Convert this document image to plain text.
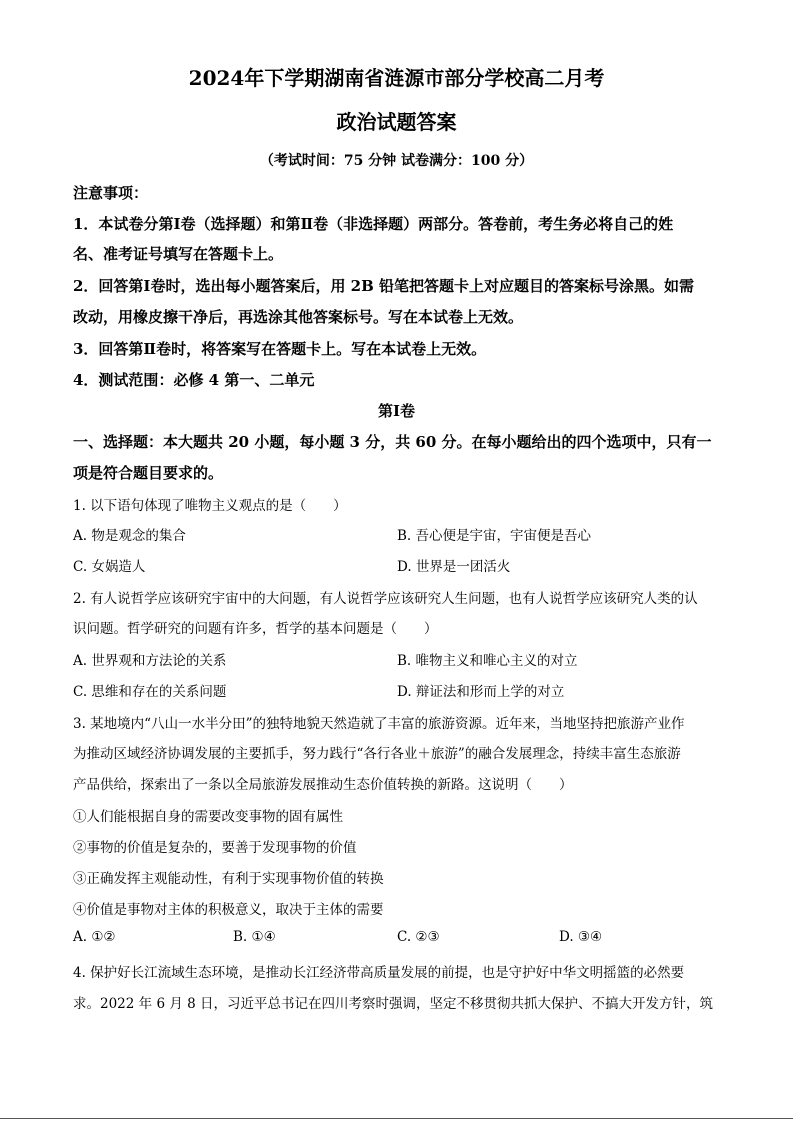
2024年下学期湖南省涟源市部分学校高二月考
政治试题答案
（考试时间：75 分钟 试卷满分：100 分）
注意事项：
1．本试卷分第Ⅰ卷（选择题）和第Ⅱ卷（非选择题）两部分。答卷前，考生务必将自己的姓
名、准考证号填写在答题卡上。
2．回答第Ⅰ卷时，选出每小题答案后，用 2B 铅笔把答题卡上对应题目的答案标号涂黑。如需
改动，用橡皮擦干净后，再选涂其他答案标号。写在本试卷上无效。
3．回答第Ⅱ卷时，将答案写在答题卡上。写在本试卷上无效。
4．测试范围：必修 4 第一、二单元
第Ⅰ卷
一、选择题：本大题共 20 小题，每小题 3 分，共 60 分。在每小题给出的四个选项中，只有一
项是符合题目要求的。
1. 以下语句体现了唯物主义观点的是（　　）
A. 物是观念的集合	B. 吾心便是宇宙，宇宙便是吾心
C. 女娲造人	D. 世界是一团活火
2. 有人说哲学应该研究宇宙中的大问题，有人说哲学应该研究人生问题，也有人说哲学应该研究人类的认
识问题。哲学研究的问题有许多，哲学的基本问题是（　　）
A. 世界观和方法论的关系	B. 唯物主义和唯心主义的对立
C. 思维和存在的关系问题	D. 辩证法和形而上学的对立
3. 某地境内“八山一水半分田”的独特地貌天然造就了丰富的旅游资源。近年来，当地坚持把旅游产业作
为推动区域经济协调发展的主要抓手，努力践行“各行各业＋旅游”的融合发展理念，持续丰富生态旅游
产品供给，探索出了一条以全局旅游发展推动生态价值转换的新路。这说明（　　）
①人们能根据自身的需要改变事物的固有属性
②事物的价值是复杂的，要善于发现事物的价值
③正确发挥主观能动性，有利于实现事物价值的转换
④价值是事物对主体的积极意义，取决于主体的需要
A. ①②	B. ①④	C. ②③	D. ③④
4. 保护好长江流域生态环境，是推动长江经济带高质量发展的前提，也是守护好中华文明摇篮的必然要
求。2022 年 6 月 8 日，习近平总书记在四川考察时强调，坚定不移贯彻共抓大保护、不搞大开发方针，筑
